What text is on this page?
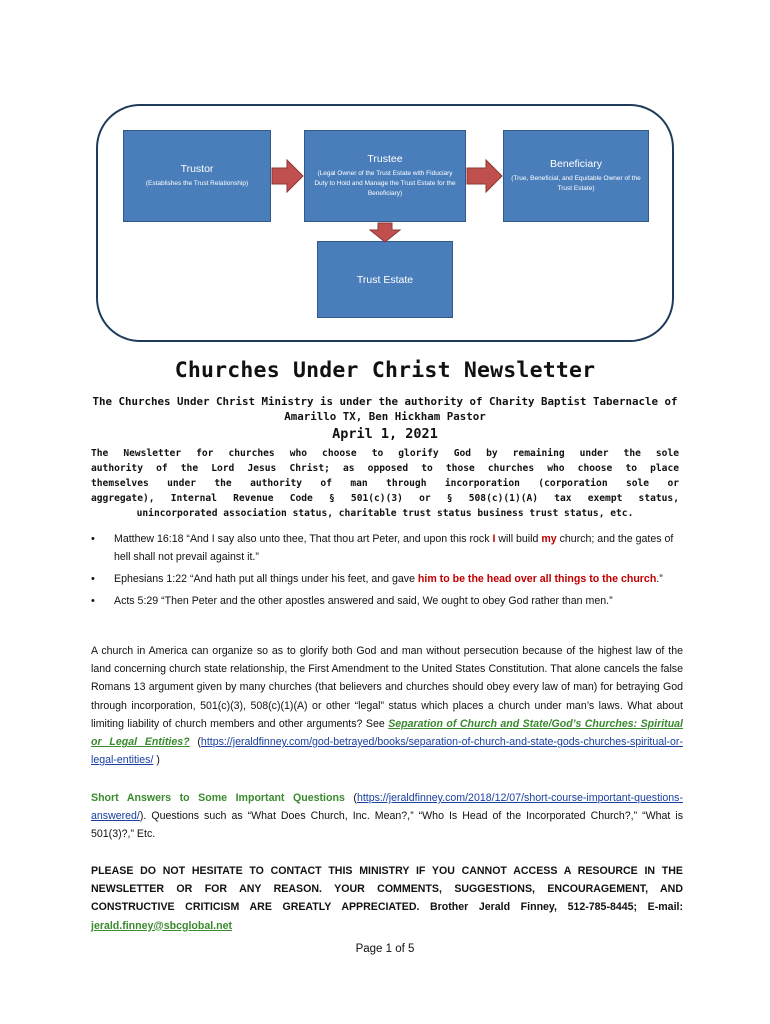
Trustor
(Establishes the Trust Relationship)
Trustee
(Legal Owner of the Trust Estate with Fiduciary Duty to Hold and Manage the Trust Estate for the Beneficiary)
Beneficiary
(True, Beneficial, and Equitable Owner of the Trust Estate)
Trust Estate
Churches Under Christ Newsletter
The Churches Under Christ Ministry is under the authority of Charity Baptist Tabernacle of Amarillo TX, Ben Hickham Pastor
April 1, 2021
The Newsletter for churches who choose to glorify God by remaining under the sole
authority of the Lord Jesus Christ; as opposed to those churches who choose to place
themselves under the authority of man through incorporation (corporation sole or
aggregate), Internal Revenue Code § 501(c)(3) or § 508(c)(1)(A) tax exempt status,
unincorporated association status, charitable trust status business trust status, etc.
• Matthew 16:18 “And I say also unto thee, That thou art Peter, and upon this rock I will build my church; and the gates of hell shall not prevail against it.”
• Ephesians 1:22 “And hath put all things under his feet, and gave him to be the head over all things to the church.”
• Acts 5:29 “Then Peter and the other apostles answered and said, We ought to obey God rather than men.”
A church in America can organize so as to glorify both God and man without persecution because of the highest law of the land concerning church state relationship, the First Amendment to the United States Constitution. That alone cancels the false Romans 13 argument given by many churches (that believers and churches should obey every law of man) for betraying God through incorporation, 501(c)(3), 508(c)(1)(A) or other “legal” status which places a church under man’s laws. What about limiting liability of church members and other arguments? See Separation of Church and State/God’s Churches: Spiritual or Legal Entities? (https://jeraldfinney.com/god-betrayed/books/separation-of-church-and-state-gods-churches-spiritual-or-legal-entities/ )
Short Answers to Some Important Questions (https://jeraldfinney.com/2018/12/07/short-course-important-questions-answered/). Questions such as “What Does Church, Inc. Mean?,” “Who Is Head of the Incorporated Church?,” “What is 501(3)?,” Etc.
PLEASE DO NOT HESITATE TO CONTACT THIS MINISTRY IF YOU CANNOT ACCESS A RESOURCE IN THE NEWSLETTER OR FOR ANY REASON. YOUR COMMENTS, SUGGESTIONS, ENCOURAGEMENT, AND CONSTRUCTIVE CRITICISM ARE GREATLY APPRECIATED. Brother Jerald Finney, 512-785-8445; E-mail: jerald.finney@sbcglobal.net
Page 1 of 5
